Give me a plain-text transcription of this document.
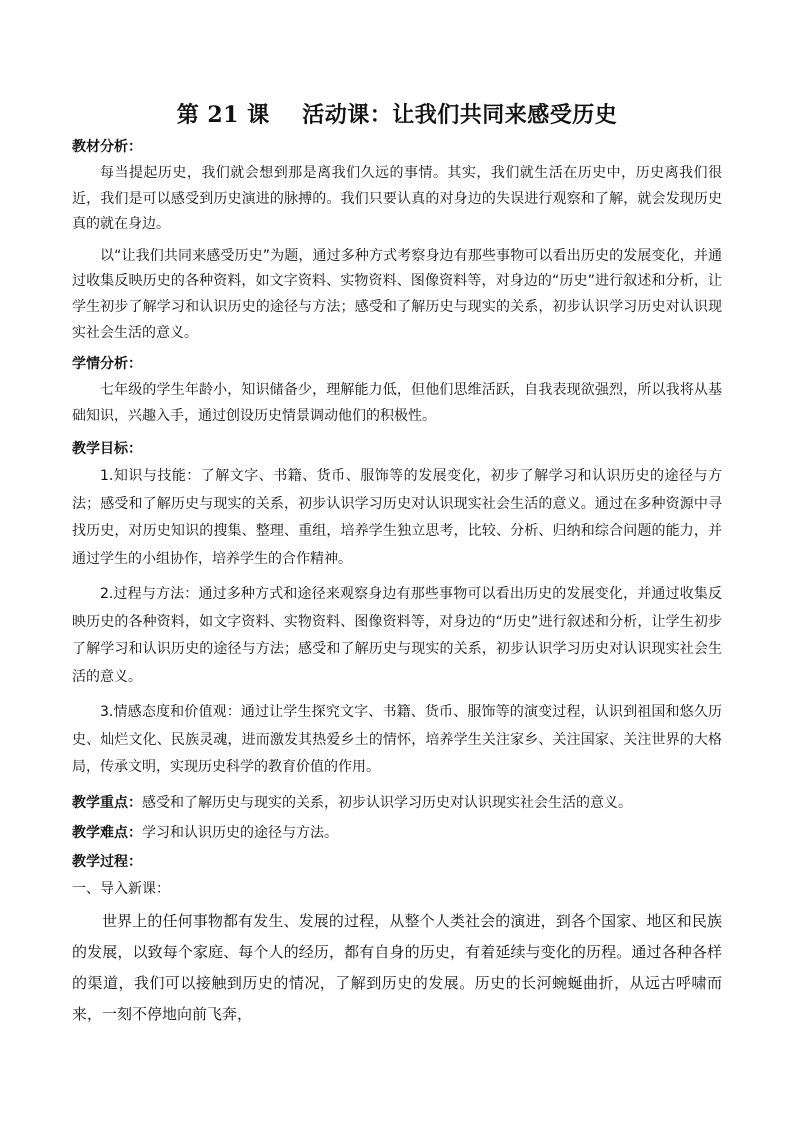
第 21 课    活动课：让我们共同来感受历史
教材分析：

每当提起历史，我们就会想到那是离我们久远的事情。其实，我们就生活在历史中，历史离我们很近，我们是可以感受到历史演进的脉搏的。我们只要认真的对身边的失误进行观察和了解，就会发现历史真的就在身边。

以“让我们共同来感受历史”为题，通过多种方式考察身边有那些事物可以看出历史的发展变化，并通过收集反映历史的各种资料，如文字资料、实物资料、图像资料等，对身边的“历史”进行叙述和分析，让学生初步了解学习和认识历史的途径与方法；感受和了解历史与现实的关系，初步认识学习历史对认识现实社会生活的意义。

学情分析：

七年级的学生年龄小，知识储备少，理解能力低，但他们思维活跃，自我表现欲强烈，所以我将从基础知识，兴趣入手，通过创设历史情景调动他们的积极性。

教学目标：

1.知识与技能：了解文字、书籍、货币、服饰等的发展变化，初步了解学习和认识历史的途径与方法；感受和了解历史与现实的关系，初步认识学习历史对认识现实社会生活的意义。通过在多种资源中寻找历史，对历史知识的搜集、整理、重组，培养学生独立思考，比较、分析、归纳和综合问题的能力，并通过学生的小组协作，培养学生的合作精神。

2.过程与方法：通过多种方式和途径来观察身边有那些事物可以看出历史的发展变化，并通过收集反映历史的各种资料，如文字资料、实物资料、图像资料等，对身边的“历史”进行叙述和分析，让学生初步了解学习和认识历史的途径与方法；感受和了解历史与现实的关系，初步认识学习历史对认识现实社会生活的意义。

3.情感态度和价值观：通过让学生探究文字、书籍、货币、服饰等的演变过程，认识到祖国和悠久历史、灿烂文化、民族灵魂，进而激发其热爱乡土的情怀，培养学生关注家乡、关注国家、关注世界的大格局，传承文明，实现历史科学的教育价值的作用。

教学重点：感受和了解历史与现实的关系，初步认识学习历史对认识现实社会生活的意义。
教学难点：学习和认识历史的途径与方法。
教学过程：
一、导入新课：

世界上的任何事物都有发生、发展的过程，从整个人类社会的演进，到各个国家、地区和民族的发展，以致每个家庭、每个人的经历，都有自身的历史，有着延续与变化的历程。通过各种各样的渠道，我们可以接触到历史的情况，了解到历史的发展。历史的长河蜿蜒曲折，从远古呼啸而来，一刻不停地向前飞奔，
